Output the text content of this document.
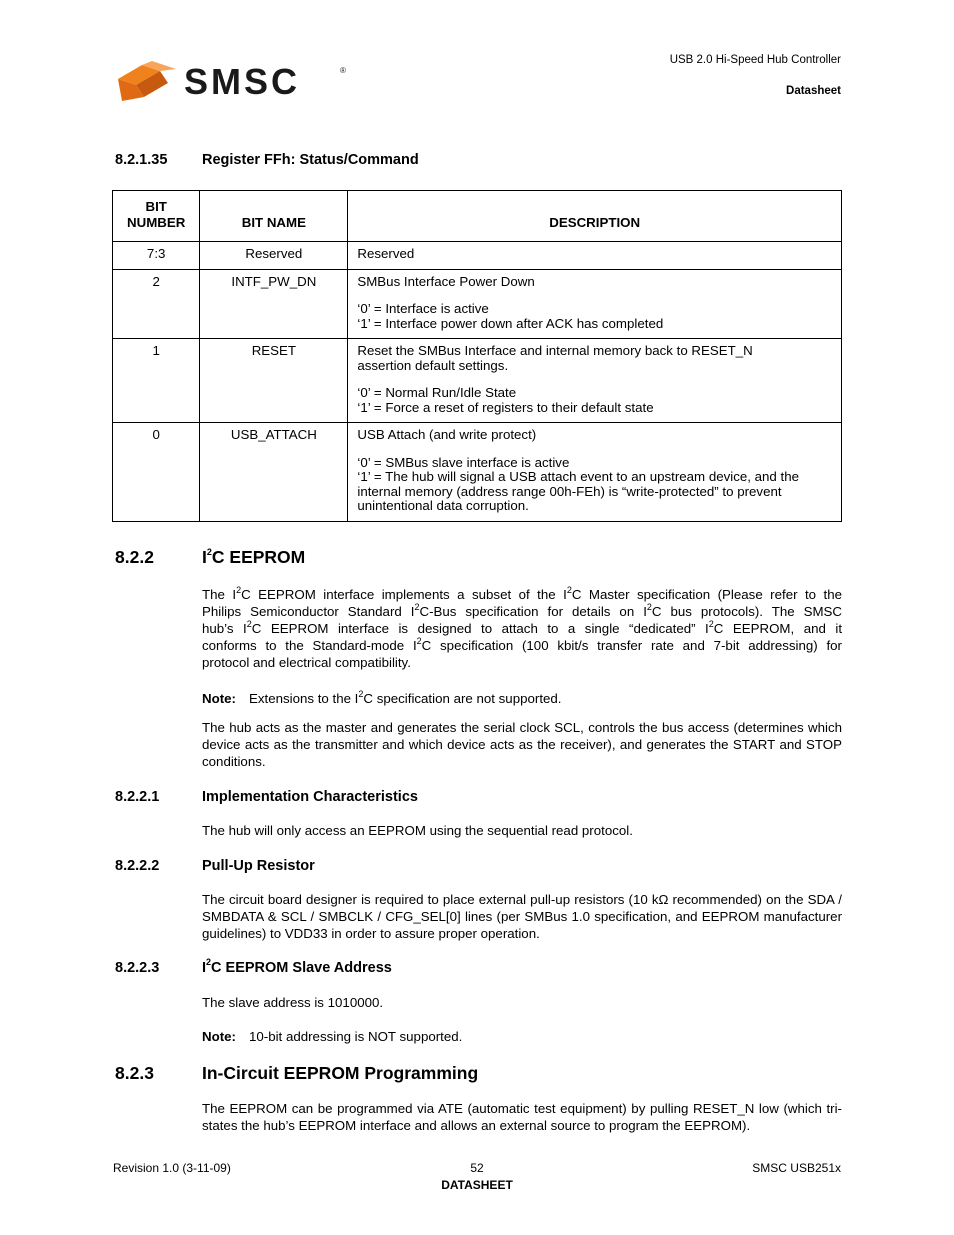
SMSC	®
USB 2.0 Hi-Speed Hub Controller
Datasheet
8.2.1.35 Register FFh: Status/Command
BIT NUMBER	BIT NAME	DESCRIPTION
7:3	Reserved	Reserved

2	INTF_PW_DN	SMBus Interface Power Down
‘0’ = Interface is active
‘1’ = Interface power down after ACK has completed

1	RESET	Reset the SMBus Interface and internal memory back to RESET_N
assertion default settings.
‘0’ = Normal Run/Idle State
‘1’ = Force a reset of registers to their default state

0	USB_ATTACH	USB Attach (and write protect)
‘0’ = SMBus slave interface is active
‘1’ = The hub will signal a USB attach event to an upstream device, and the
internal memory (address range 00h-FEh) is “write-protected” to prevent
unintentional data corruption.
8.2.2	$I^2C$ EEPROM
The $I^2C$ EEPROM interface implements a subset of the $I^2C$ Master specification (Please refer to the
Philips Semiconductor Standard $I^2C$-Bus specification for details on $I^2C$ bus protocols). The SMSC
hub’s $I^2C$ EEPROM interface is designed to attach to a single “dedicated” $I^2C$ EEPROM, and it
conforms to the Standard-mode $I^2C$ specification (100 kbit/s transfer rate and 7-bit addressing) for
protocol and electrical compatibility.
Note: Extensions to the $I^2C$ specification are not supported.
The hub acts as the master and generates the serial clock SCL, controls the bus access (determines which device acts as the transmitter and which device acts as the receiver), and generates the START and STOP conditions.
8.2.2.1	Implementation Characteristics
The hub will only access an EEPROM using the sequential read protocol.
8.2.2.2	Pull-Up Resistor
The circuit board designer is required to place external pull-up resistors (10 kΩ recommended) on the SDA / SMBDATA & SCL / SMBCLK / CFG_SEL[0] lines (per SMBus 1.0 specification, and EEPROM manufacturer guidelines) to VDD33 in order to assure proper operation.
8.2.2.3	$I^2C$ EEPROM Slave Address
The slave address is 1010000.
Note: 10-bit addressing is NOT supported.
8.2.3	In-Circuit EEPROM Programming
The EEPROM can be programmed via ATE (automatic test equipment) by pulling RESET_N low (which tri-states the hub’s EEPROM interface and allows an external source to program the EEPROM).
Revision 1.0 (3-11-09)	52
DATASHEET
SMSC USB251x
